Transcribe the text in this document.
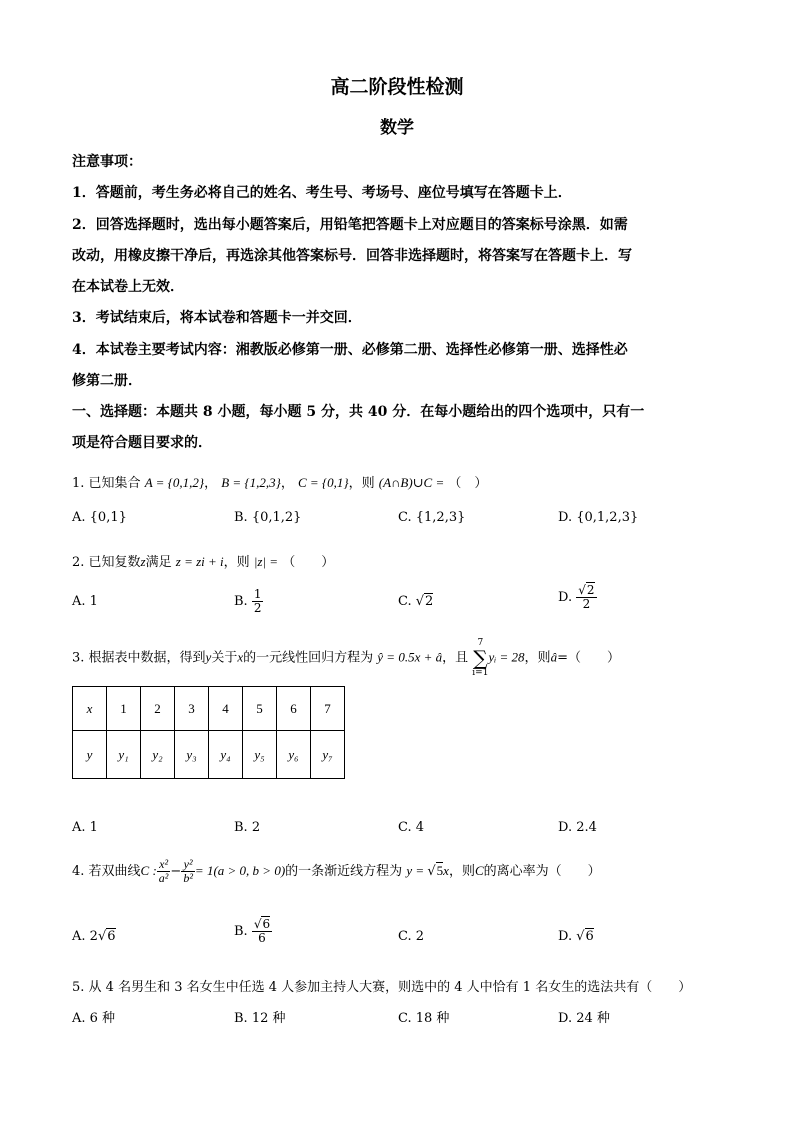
高二阶段性检测
数学
注意事项：
1．答题前，考生务必将自己的姓名、考生号、考场号、座位号填写在答题卡上．
2．回答选择题时，选出每小题答案后，用铅笔把答题卡上对应题目的答案标号涂黑．如需
改动，用橡皮擦干净后，再选涂其他答案标号．回答非选择题时，将答案写在答题卡上．写
在本试卷上无效．
3．考试结束后，将本试卷和答题卡一并交回．
4．本试卷主要考试内容：湘教版必修第一册、必修第二册、选择性必修第一册、选择性必
修第二册．
一、选择题：本题共 8 小题，每小题 5 分，共 40 分．在每小题给出的四个选项中，只有一
项是符合题目要求的．
1. 已知集合 A = {0,1,2}， B = {1,2,3}， C = {0,1}，则 (A∩B)∪C = （　）
A. {0,1}	B. {0,1,2}	C. {1,2,3}	D. {0,1,2,3}
2. 已知复数z满足 z = zi + i，则 |z| = （　　）
A. 1	B. $\frac{1}{2}$	C. √2	D. $\frac{√2}{2}$
3. 根据表中数据，得到y关于x的一元线性回归方程为 ŷ = 0.5x + â，且 7
∑
i=1yᵢ = 28，则â=（　　）
x	1	2	3	4	5	6	7
y	y₁	y₂	y₃	y₄	y₅	y₆	y₇
A. 1	B. 2	C. 4	D. 2.4
4. 若双曲线C : $\frac{\text{x²}}{\text{a²}} - \frac{\text{y²}}{\text{b²}} = 1(a > 0$, b > 0)的一条渐近线方程为 y = √5x，则C的离心率为（　　）
A. 2√6	B. $\frac{√6}{6}$	C. 2	D. √6
5. 从 4 名男生和 3 名女生中任选 4 人参加主持人大赛，则选中的 4 人中恰有 1 名女生的选法共有（　　）
A. 6 种	B. 12 种	C. 18 种	D. 24 种
